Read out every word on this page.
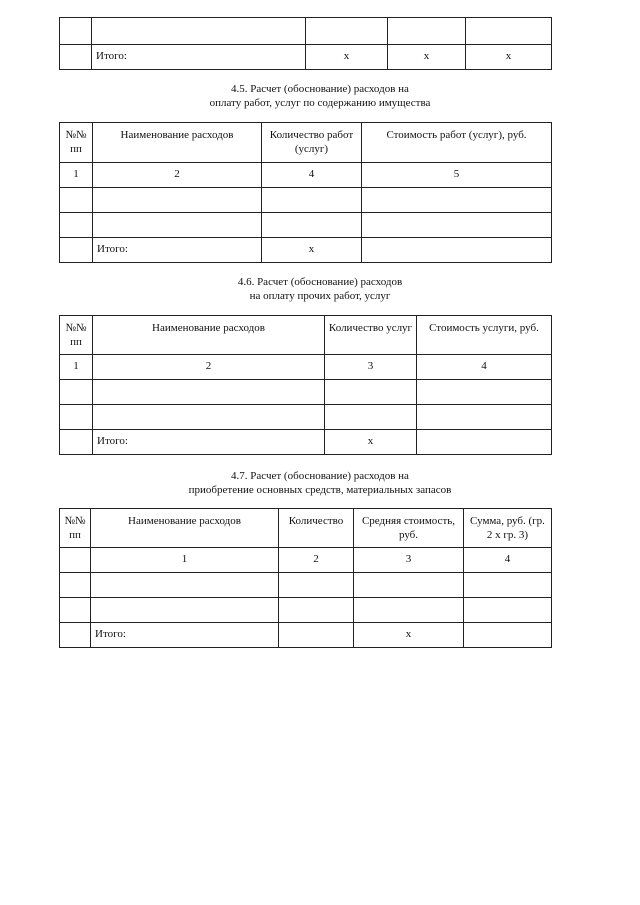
	Итого:	x	x	x
4.5. Расчет (обоснование) расходов на
оплату работ, услуг по содержанию имущества
№№ пп	Наименование расходов	Количество работ (услуг)	Стоимость работ (услуг), руб.
1	2	4	5

	Итого:	x	
4.6. Расчет (обоснование) расходов
на оплату прочих работ, услуг
№№ пп	Наименование расходов	Количество услуг	Стоимость услуги, руб.
1	2	3	4

	Итого:	x	
4.7. Расчет (обоснование) расходов на
приобретение основных средств, материальных запасов
№№ пп	Наименование расходов	Количество	Средняя стоимость, руб.	Сумма, руб. (гр. 2 х гр. 3)
	1	2	3	4

	Итого:		x	
